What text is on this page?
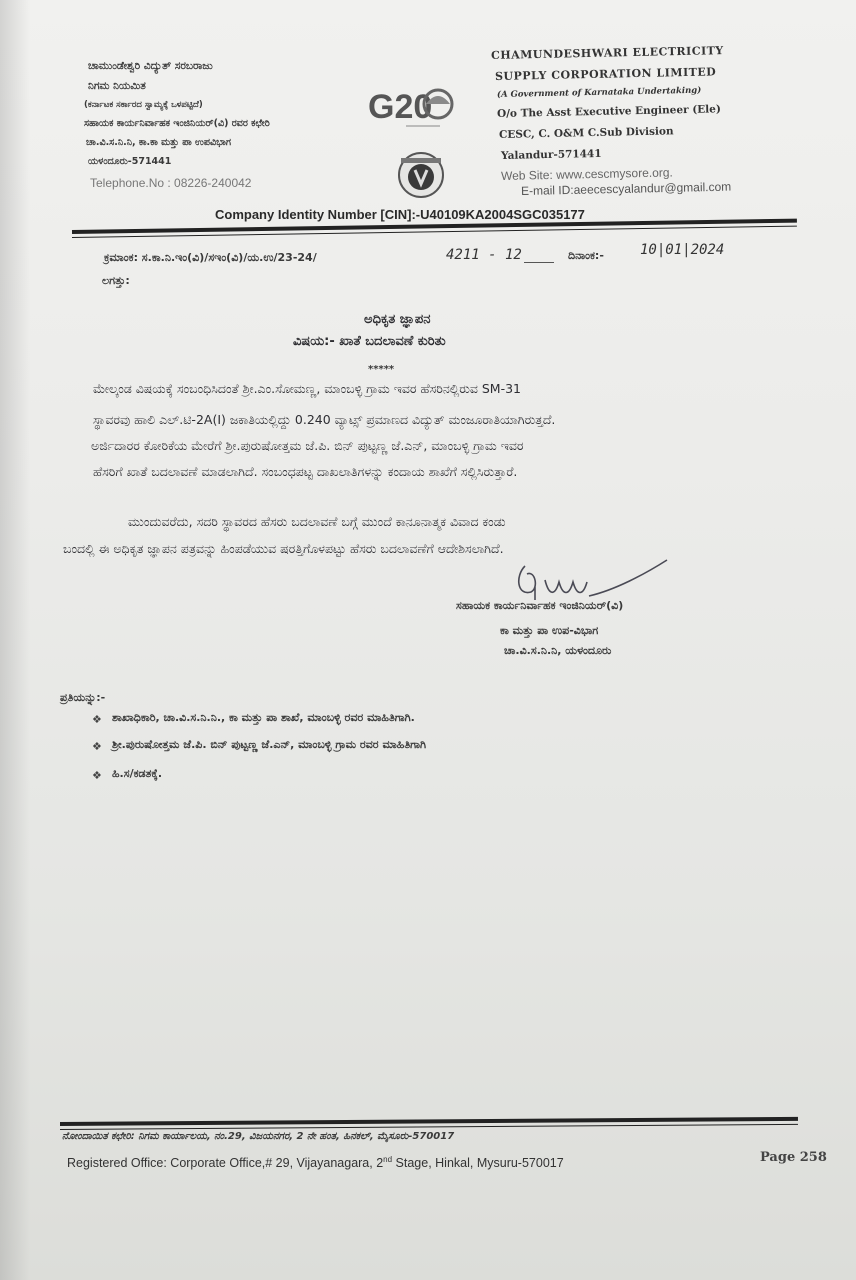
ಚಾಮುಂಡೇಶ್ವರಿ ವಿದ್ಯುತ್ ಸರಬರಾಜು
ನಿಗಮ ನಿಯಮಿತ
(ಕರ್ನಾಟಕ ಸರ್ಕಾರದ ಸ್ವಾಮ್ಯಕ್ಕೆ ಒಳಪಟ್ಟಿದೆ)
ಸಹಾಯಕ ಕಾರ್ಯನಿರ್ವಾಹಕ ಇಂಜಿನಿಯರ್(ವಿ) ರವರ ಕಛೇರಿ
ಚಾ.ವಿ.ಸ.ನಿ.ನಿ, ಕಾ.ಕಾ ಮತ್ತು ಪಾ ಉಪವಿಭಾಗ
ಯಳಂದೂರು-571441
Telephone.No : 08226-240042
G20
CHAMUNDESHWARI ELECTRICITY
SUPPLY CORPORATION LIMITED
(A Government of Karnataka Undertaking)
O/o The Asst Executive Engineer (Ele)
CESC, C. O&M C.Sub Division
Yalandur-571441
Web Site: www.cescmysore.org.
E-mail ID:aeecescyalandur@gmail.com
Company Identity Number [CIN]:-U40109KA2004SGC035177
ಕ್ರಮಾಂಕ: ಸ.ಕಾ.ನಿ.ಇಂ(ವಿ)/ಸಇಂ(ವಿ)/ಯ.ಉ/23-24/	4211 - 12	ದಿನಾಂಕ:-	10|01|2024
ಲಗತ್ತು:
ಅಧಿಕೃತ ಜ್ಞಾಪನ
ವಿಷಯ:- ಖಾತೆ ಬದಲಾವಣೆ ಕುರಿತು
*****
ಮೇಲ್ಕಂಡ ವಿಷಯಕ್ಕೆ ಸಂಬಂಧಿಸಿದಂತೆ ಶ್ರೀ.ಎಂ.ಸೋಮಣ್ಣ, ಮಾಂಬಳ್ಳಿ ಗ್ರಾಮ ಇವರ ಹೆಸರಿನಲ್ಲಿರುವ SM-31
ಸ್ಥಾವರವು ಹಾಲಿ ಎಲ್.ಟಿ-2A(I) ಜಕಾತಿಯಲ್ಲಿದ್ದು 0.240 ವ್ಯಾಟ್ಸ್ ಪ್ರಮಾಣದ ವಿದ್ಯುತ್ ಮಂಜೂರಾತಿಯಾಗಿರುತ್ತದೆ.
ಅರ್ಜಿದಾರರ ಕೋರಿಕೆಯ ಮೇರೆಗೆ ಶ್ರೀ.ಪುರುಷೋತ್ತಮ ಜೆ.ಪಿ. ಬಿನ್ ಪುಟ್ಟಣ್ಣ ಜೆ.ಎನ್, ಮಾಂಬಳ್ಳಿ ಗ್ರಾಮ ಇವರ
ಹೆಸರಿಗೆ ಖಾತೆ ಬದಲಾವಣೆ ಮಾಡಲಾಗಿದೆ. ಸಂಬಂಧಪಟ್ಟ ದಾಖಲಾತಿಗಳನ್ನು ಕಂದಾಯ ಶಾಖೆಗೆ ಸಲ್ಲಿಸಿರುತ್ತಾರೆ.
ಮುಂದುವರೆದು, ಸದರಿ ಸ್ಥಾವರದ ಹೆಸರು ಬದಲಾವಣೆ ಬಗ್ಗೆ ಮುಂದೆ ಕಾನೂನಾತ್ಮಕ ವಿವಾದ ಕಂಡು
ಬಂದಲ್ಲಿ ಈ ಅಧಿಕೃತ ಜ್ಞಾಪನ ಪತ್ರವನ್ನು ಹಿಂಪಡೆಯುವ ಷರತ್ತಿಗೊಳಪಟ್ಟು ಹೆಸರು ಬದಲಾವಣೆಗೆ ಆದೇಶಿಸಲಾಗಿದೆ.
ಸಹಾಯಕ ಕಾರ್ಯನಿರ್ವಾಹಕ ಇಂಜಿನಿಯರ್(ವಿ)
ಕಾ ಮತ್ತು ಪಾ ಉಪ-ವಿಭಾಗ
ಚಾ.ವಿ.ಸ.ನಿ.ನಿ, ಯಳಂದೂರು
ಪ್ರತಿಯನ್ನು:-
❖ ಶಾಖಾಧಿಕಾರಿ, ಚಾ.ವಿ.ಸ.ನಿ.ನಿ., ಕಾ ಮತ್ತು ಪಾ ಶಾಖೆ, ಮಾಂಬಳ್ಳಿ ರವರ ಮಾಹಿತಿಗಾಗಿ.
❖ ಶ್ರೀ.ಪುರುಷೋತ್ತಮ ಜೆ.ಪಿ. ಬಿನ್ ಪುಟ್ಟಣ್ಣ ಜೆ.ಎನ್, ಮಾಂಬಳ್ಳಿ ಗ್ರಾಮ ರವರ ಮಾಹಿತಿಗಾಗಿ
❖ ಹಿ.ಸ/ಕಡತಕ್ಕೆ.
ನೋಂದಾಯಿತ ಕಛೇರಿ: ನಿಗಮ ಕಾರ್ಯಾಲಯ, ನಂ.29, ವಿಜಯನಗರ, 2 ನೇ ಹಂತ, ಹಿನಕಲ್, ಮೈಸೂರು-570017
Registered Office: Corporate Office,# 29, Vijayanagara, 2nd Stage, Hinkal, Mysuru-570017	Page 258
